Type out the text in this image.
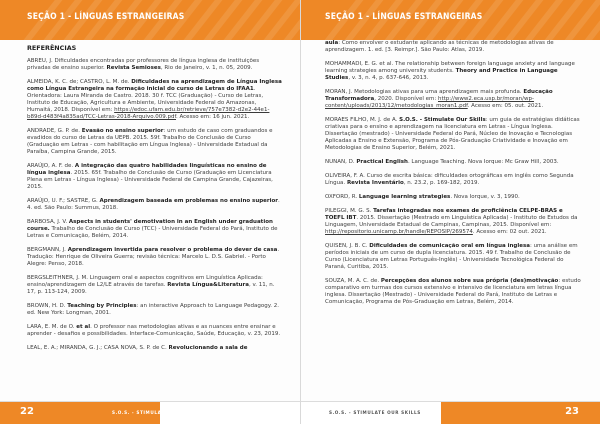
SEÇÃO 1 - LÍNGUAS ESTRANGEIRAS
REFERÊNCIAS

ABREU, J. Dificuldades encontradas por professores de língua inglesa de instituições privadas de ensino superior. Revista Semioses, Rio de Janeiro, v. 1, n. 05, 2009.

ALMEIDA, K. C. de; CASTRO, L. M. de. Dificuldades na aprendizagem de Língua Inglesa como Língua Estrangeira na formação inicial do curso de Letras do IFAA1. Orientadora: Laura Miranda de Castro. 2018. 30 f. TCC (Graduação) - Curso de Letras, Instituto de Educação, Agricultura e Ambiente, Universidade Federal do Amazonas, Humaitá, 2018. Disponível em: https://edoc.ufam.edu.br/retrieve/757e7382-d2e2-44e1-b89d-d483f4a835ad/TCC-Letras-2018-Arquivo.009.pdf. Acesso em: 16 jun. 2021.

ANDRADE, G. P. de. Evasão no ensino superior: um estudo de caso com graduandos e evadidos do curso de Letras da UEPB. 2015. 59f. Trabalho de Conclusão de Curso (Graduação em Letras - com habilitação em Língua Inglesa) - Universidade Estadual da Paraíba, Campina Grande, 2015.

ARAÚJO, A. F. de. A integração das quatro habilidades linguísticas no ensino de língua inglesa. 2015. 65f. Trabalho de Conclusão de Curso (Graduação em Licenciatura Plena em Letras - Língua Inglesa) - Universidade Federal de Campina Grande, Cajazeiras, 2015.

ARAÚJO, U. F.; SASTRE, G. Aprendizagem baseada em problemas no ensino superior. 4. ed. São Paulo: Summus, 2018.

BARBOSA, J. V. Aspects in students' demotivation in an English under graduation course. Trabalho de Conclusão de Curso (TCC) - Universidade Federal do Pará, Instituto de Letras e Comunicação, Belém, 2014.

BERGMANN, J. Aprendizagem invertida para resolver o problema do dever de casa. Tradução: Henrique de Oliveira Guerra; revisão técnica: Marcelo L. D.S. Gabriel. - Porto Alegre: Penso, 2018.

BERGSLEITHNER, J. M. Linguagem oral e aspectos cognitivos em Linguística Aplicada: ensino/aprendizagem de L2/LE através de tarefas. Revista Língua&Literatura, v. 11, n. 17, p. 113-124, 2009.

BROWN, H. D. Teaching by Principles: an interactive Approach to Language Pedagogy. 2. ed. New York: Longman, 2001.

LARA, E. M. de O. et al. O professor nas metodologias ativas e as nuances entre ensinar e aprender - desafios e possibilidades. Interface-Comunicação, Saúde, Educação, v. 23, 2019.

LEAL, E. A.; MIRANDA, G. J.; CASA NOVA, S. P. de C. Revolucionando a sala de

22	S.O.S. - STIMULATE OUR SKILLS
SEÇÃO 1 - LÍNGUAS ESTRANGEIRAS

aula: Como envolver o estudante aplicando as técnicas de metodologias ativas de aprendizagem. 1. ed. [3. Reimpr.]. São Paulo: Atlas, 2019.

MOHAMMADI, E. G. et al. The relationship between foreign language anxiety and language learning strategies among university students. Theory and Practice in Language Studies, v. 3, n. 4, p. 637-646, 2013.

MORAN, J. Metodologias ativas para uma aprendizagem mais profunda. Educação Transformadora, 2020. Disponível em: http://www2.eca.usp.br/moran/wp-content/uploads/2013/12/metodologias_moran1.pdf. Acesso em: 05. out. 2021.

MORAES FILHO, M. J. de A. S.O.S. - Stimulate Our Skills: um guia de estratégias didáticas criativas para o ensino e aprendizagem na licenciatura em Letras - Língua Inglesa. Dissertação (mestrado) - Universidade Federal do Pará, Núcleo de Inovação e Tecnologias Aplicadas a Ensino e Extensão, Programa de Pós-Graduação Criatividade e Inovação em Metodologias de Ensino Superior, Belém, 2021.

NUNAN, D. Practical English. Language Teaching. Nova Iorque: Mc Graw Hill, 2003.

OLIVEIRA, F. A. Curso de escrita básica: dificuldades ortográficas em inglês como Segunda Língua. Revista Inventário, n. 23.2, p. 169-182, 2019.

OXFORD, R. Language learning strategies. Nova Iorque, v. 3, 1990.

PILEGGI, M. G. S. Tarefas integradas nos exames de proficiência CELPE-BRAS e TOEFL IBT. 2015. Dissertação (Mestrado em Linguística Aplicada) - Instituto de Estudos da Linguagem, Universidade Estadual de Campinas, Campinas, 2015. Disponível em: http://repositorio.unicamp.br/handle/REPOSIP/269574. Acesso em: 02 out. 2021.

QUISEN, J. B. C. Dificuldades de comunicação oral em língua inglesa: uma análise em períodos iniciais de um curso de dupla licenciatura. 2015. 49 f. Trabalho de Conclusão de Curso (Licenciatura em Letras Português-Inglês) - Universidade Tecnológica Federal do Paraná, Curitiba, 2015.

SOUZA, M. A. C. de. Percepções dos alunos sobre sua própria (des)motivação: estudo comparativo em turmas dos cursos extensivo e intensivo de licenciatura em letras língua inglesa. Dissertação (Mestrado) - Universidade Federal do Pará, Instituto de Letras e Comunicação, Programa de Pós-Graduação em Letras, Belém, 2014.

S.O.S. - STIMULATE OUR SKILLS	23
